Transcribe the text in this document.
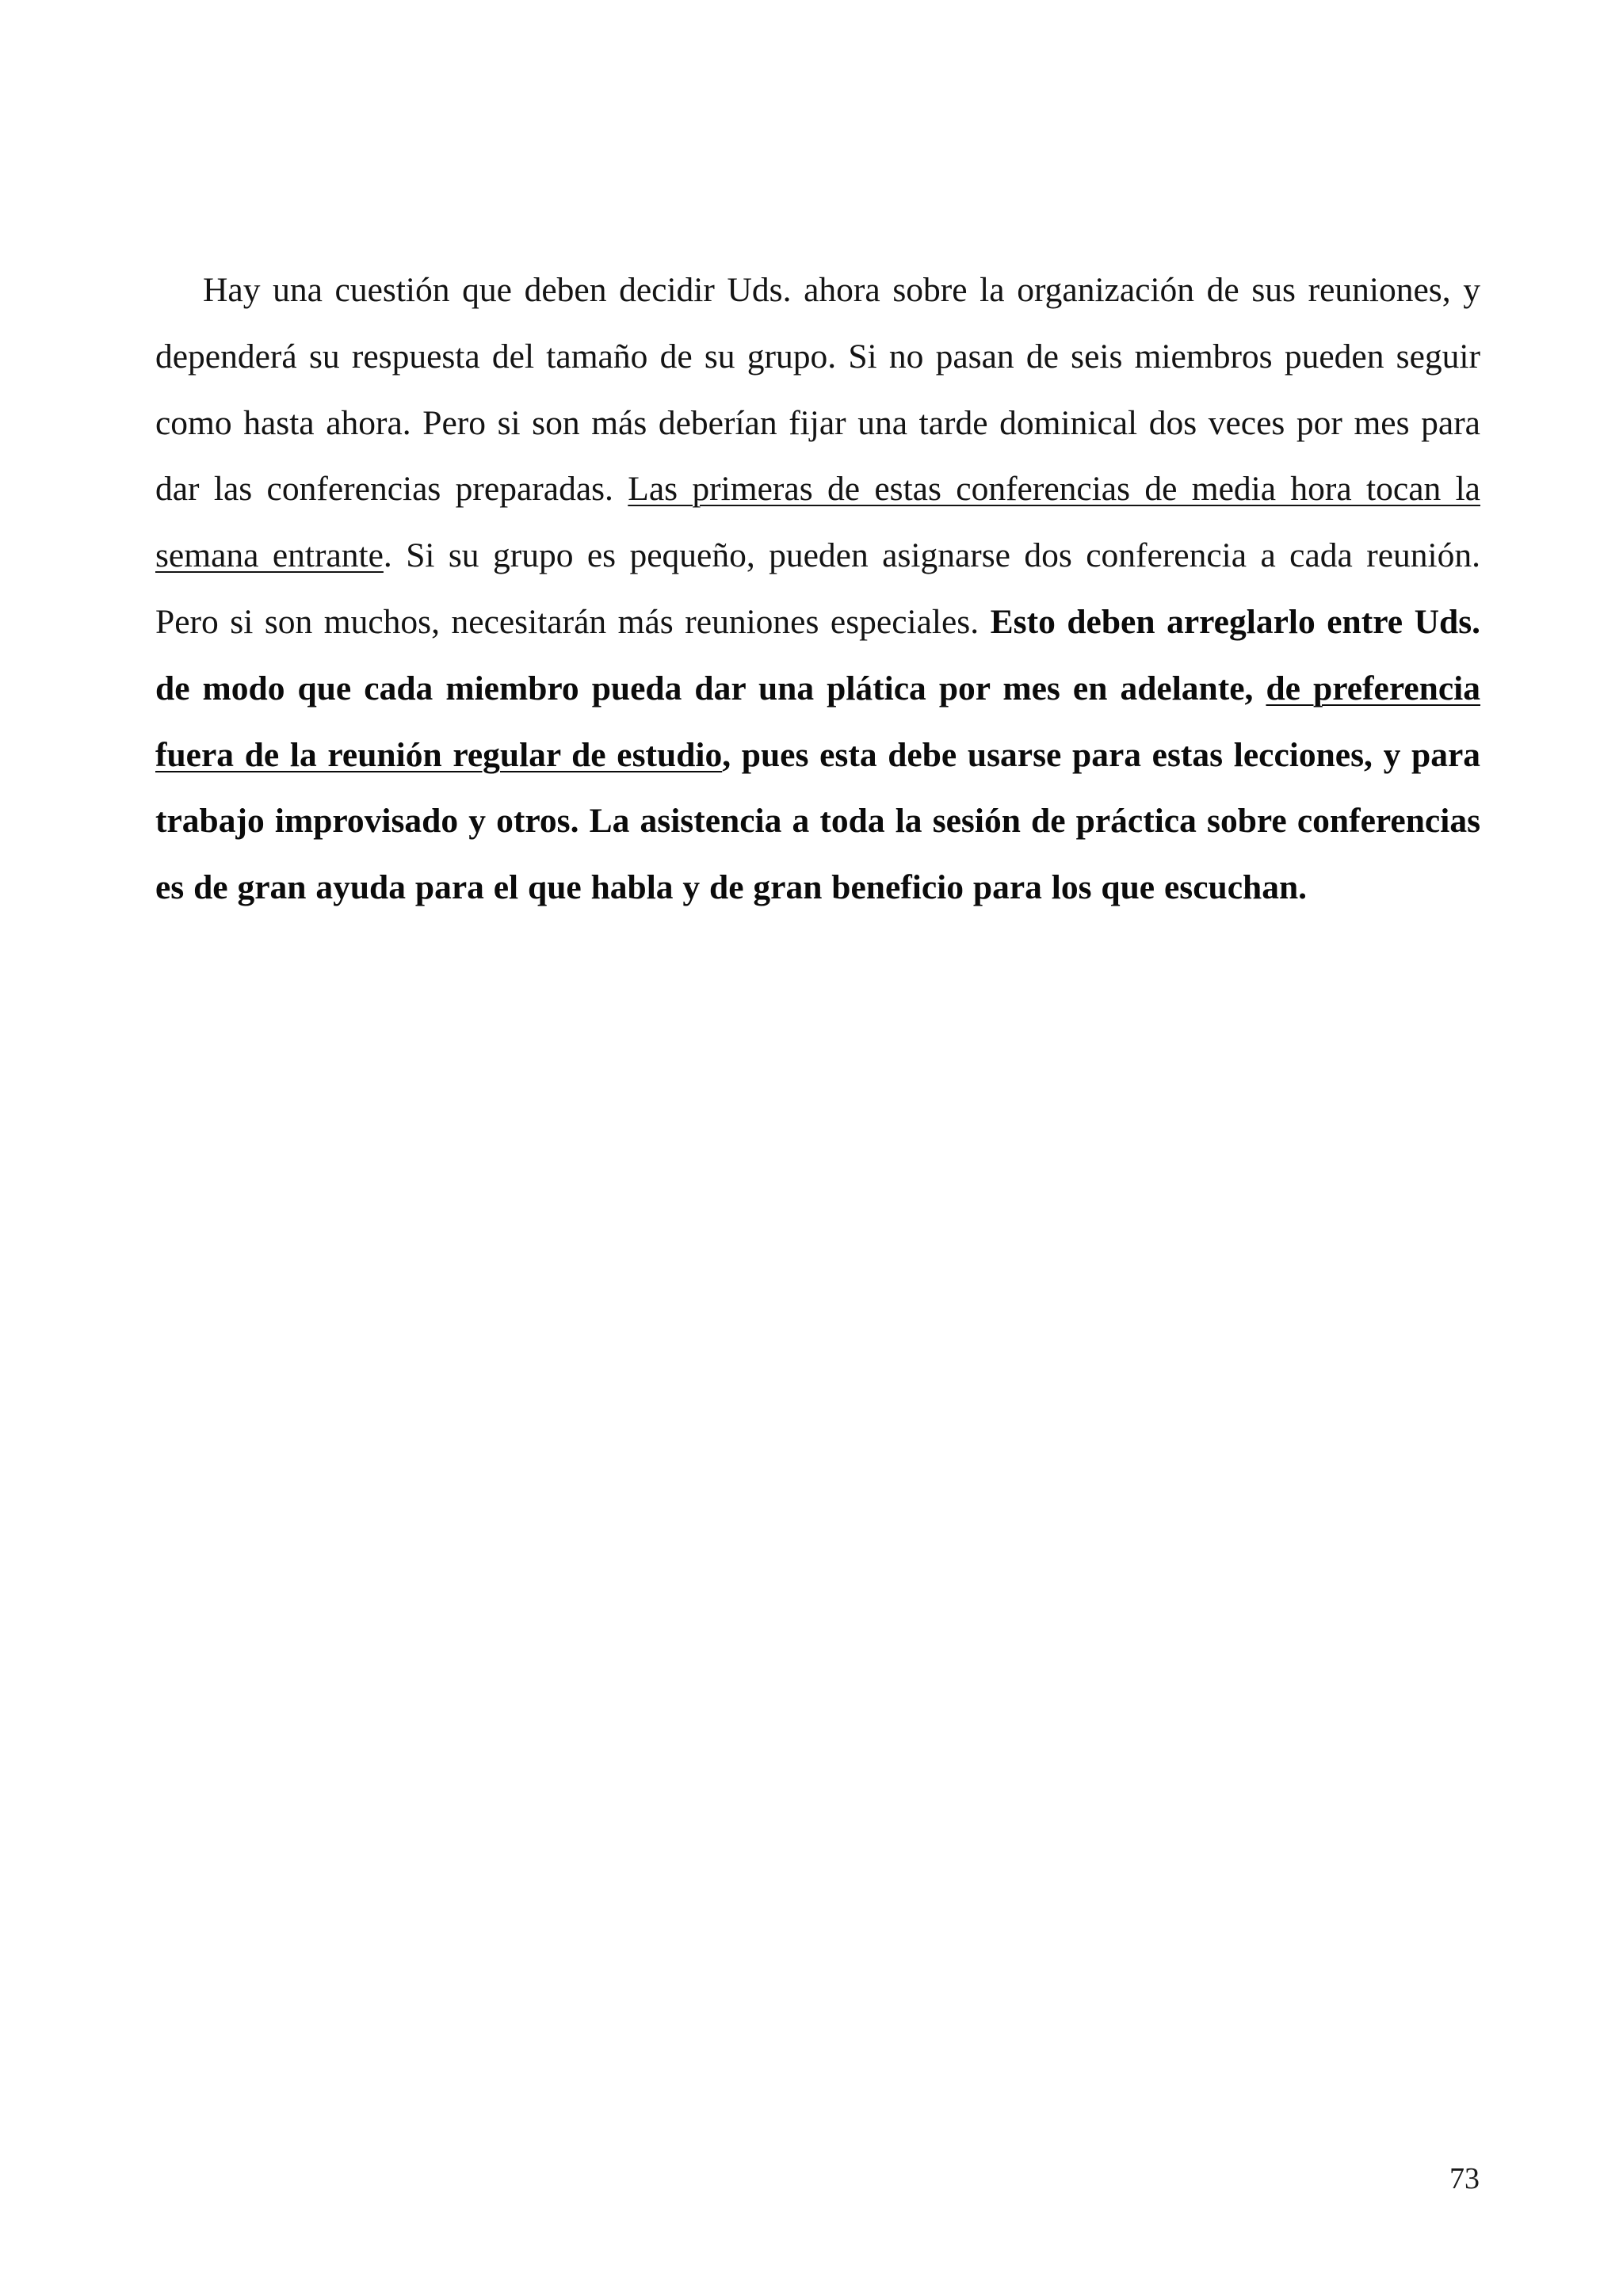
Hay una cuestión que deben decidir Uds. ahora sobre la organización de sus reuniones, y dependerá su respuesta del tamaño de su grupo. Si no pasan de seis miembros pueden seguir como hasta ahora. Pero si son más deberían fijar una tarde dominical dos veces por mes para dar las conferencias preparadas. Las primeras de estas conferencias de media hora tocan la semana entrante. Si su grupo es pequeño, pueden asignarse dos conferencia a cada reunión. Pero si son muchos, necesitarán más reuniones especiales. Esto deben arreglarlo entre Uds. de modo que cada miembro pueda dar una plática por mes en adelante, de preferencia fuera de la reunión regular de estudio, pues esta debe usarse para estas lecciones, y para trabajo improvisado y otros. La asistencia a toda la sesión de práctica sobre conferencias es de gran ayuda para el que habla y de gran beneficio para los que escuchan.

73
